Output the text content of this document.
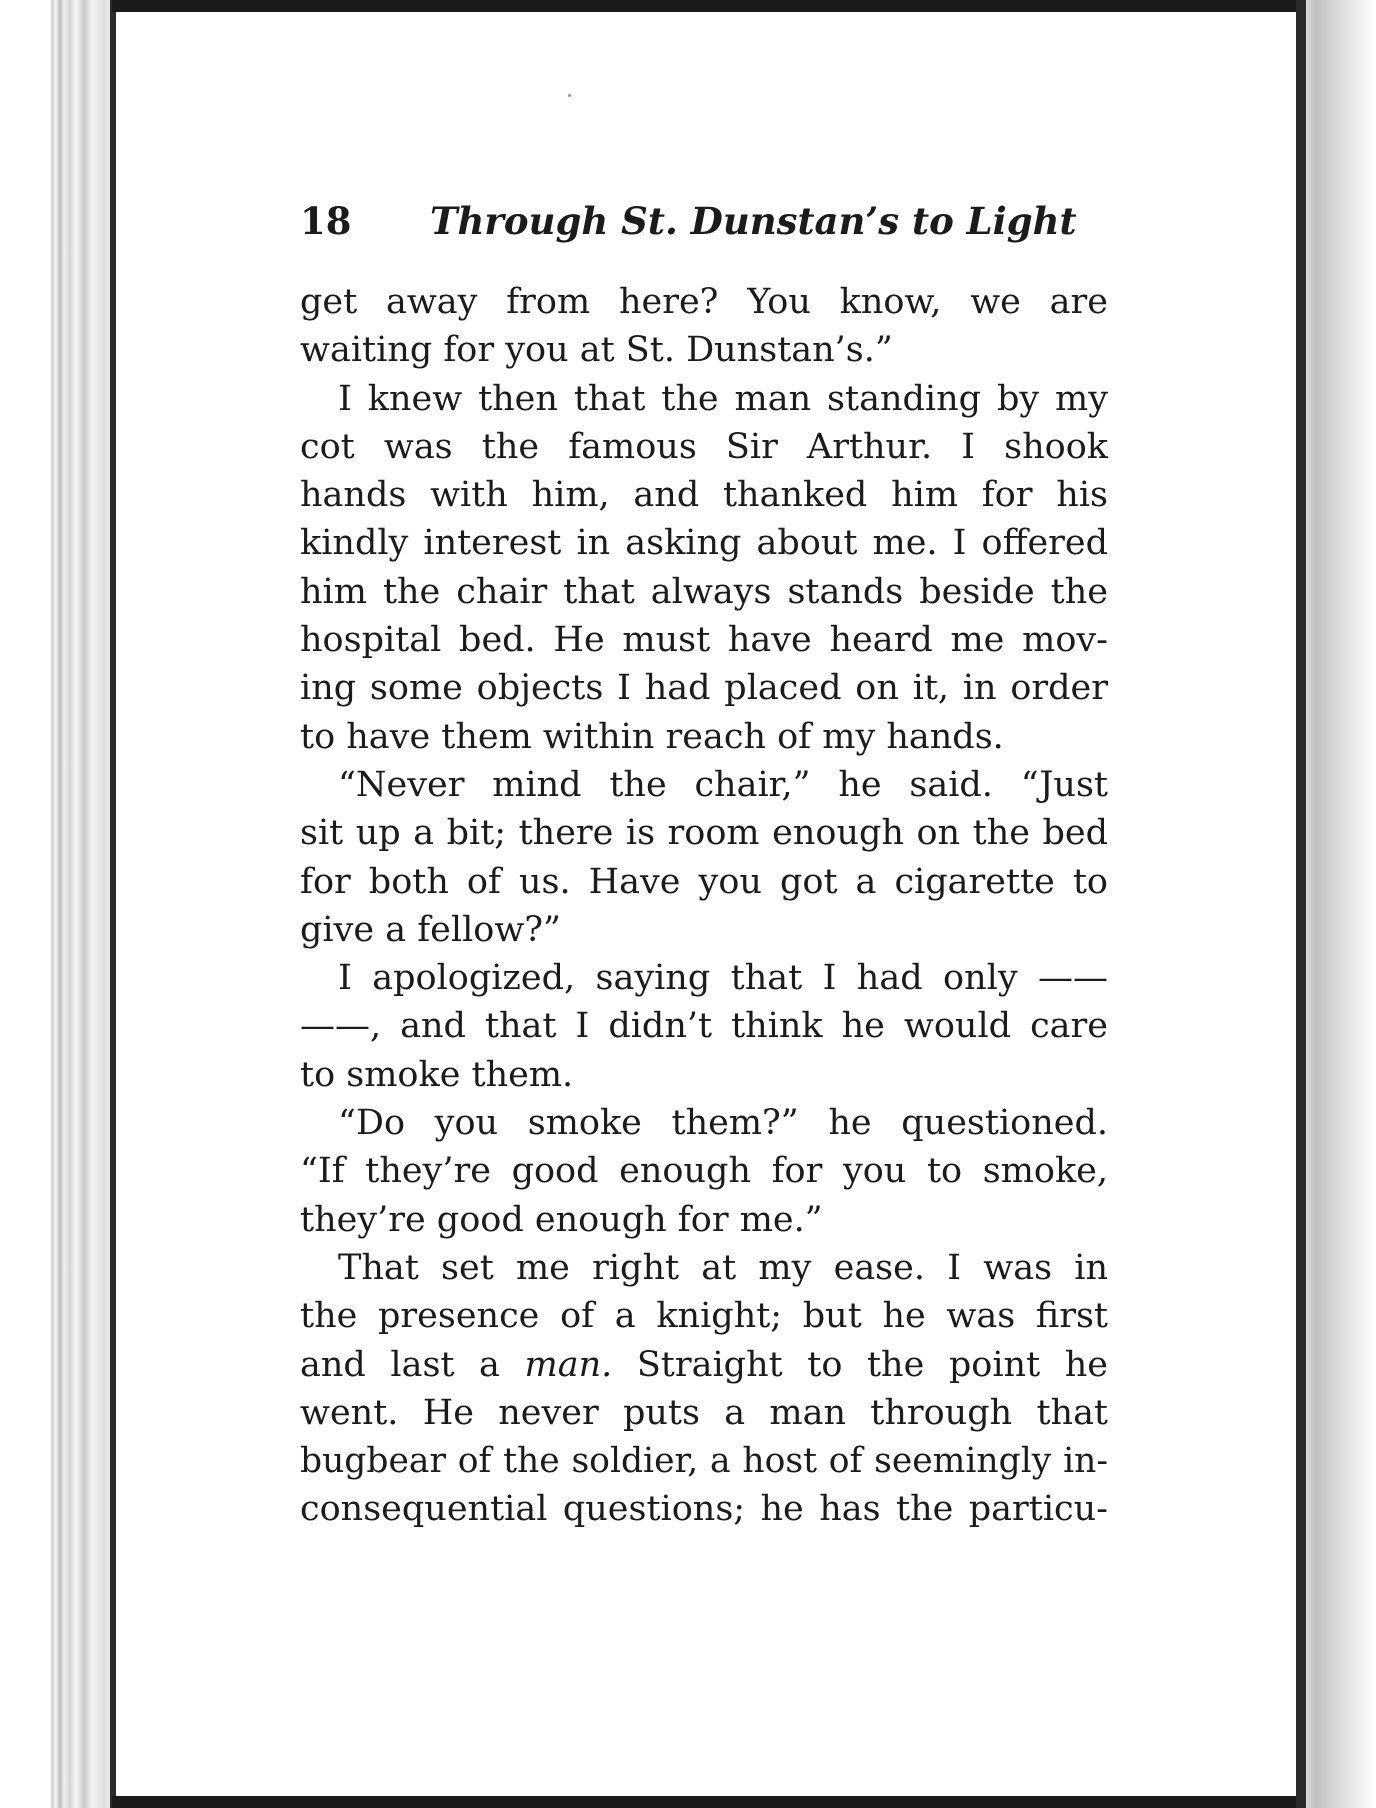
18 Through St. Dunstan’s to Light
get away from here? You know, we are
waiting for you at St. Dunstan’s.”
I knew then that the man standing by my
cot was the famous Sir Arthur. I shook
hands with him, and thanked him for his
kindly interest in asking about me. I offered
him the chair that always stands beside the
hospital bed. He must have heard me mov-
ing some objects I had placed on it, in order
to have them within reach of my hands.
“Never mind the chair,” he said. “Just
sit up a bit; there is room enough on the bed
for both of us. Have you got a cigarette to
give a fellow?”
I apologized, saying that I had only ——
——, and that I didn’t think he would care
to smoke them.
“Do you smoke them?” he questioned.
“If they’re good enough for you to smoke,
they’re good enough for me.”
That set me right at my ease. I was in
the presence of a knight; but he was first
and last a man. Straight to the point he
went. He never puts a man through that
bugbear of the soldier, a host of seemingly in-
consequential questions; he has the particu-
